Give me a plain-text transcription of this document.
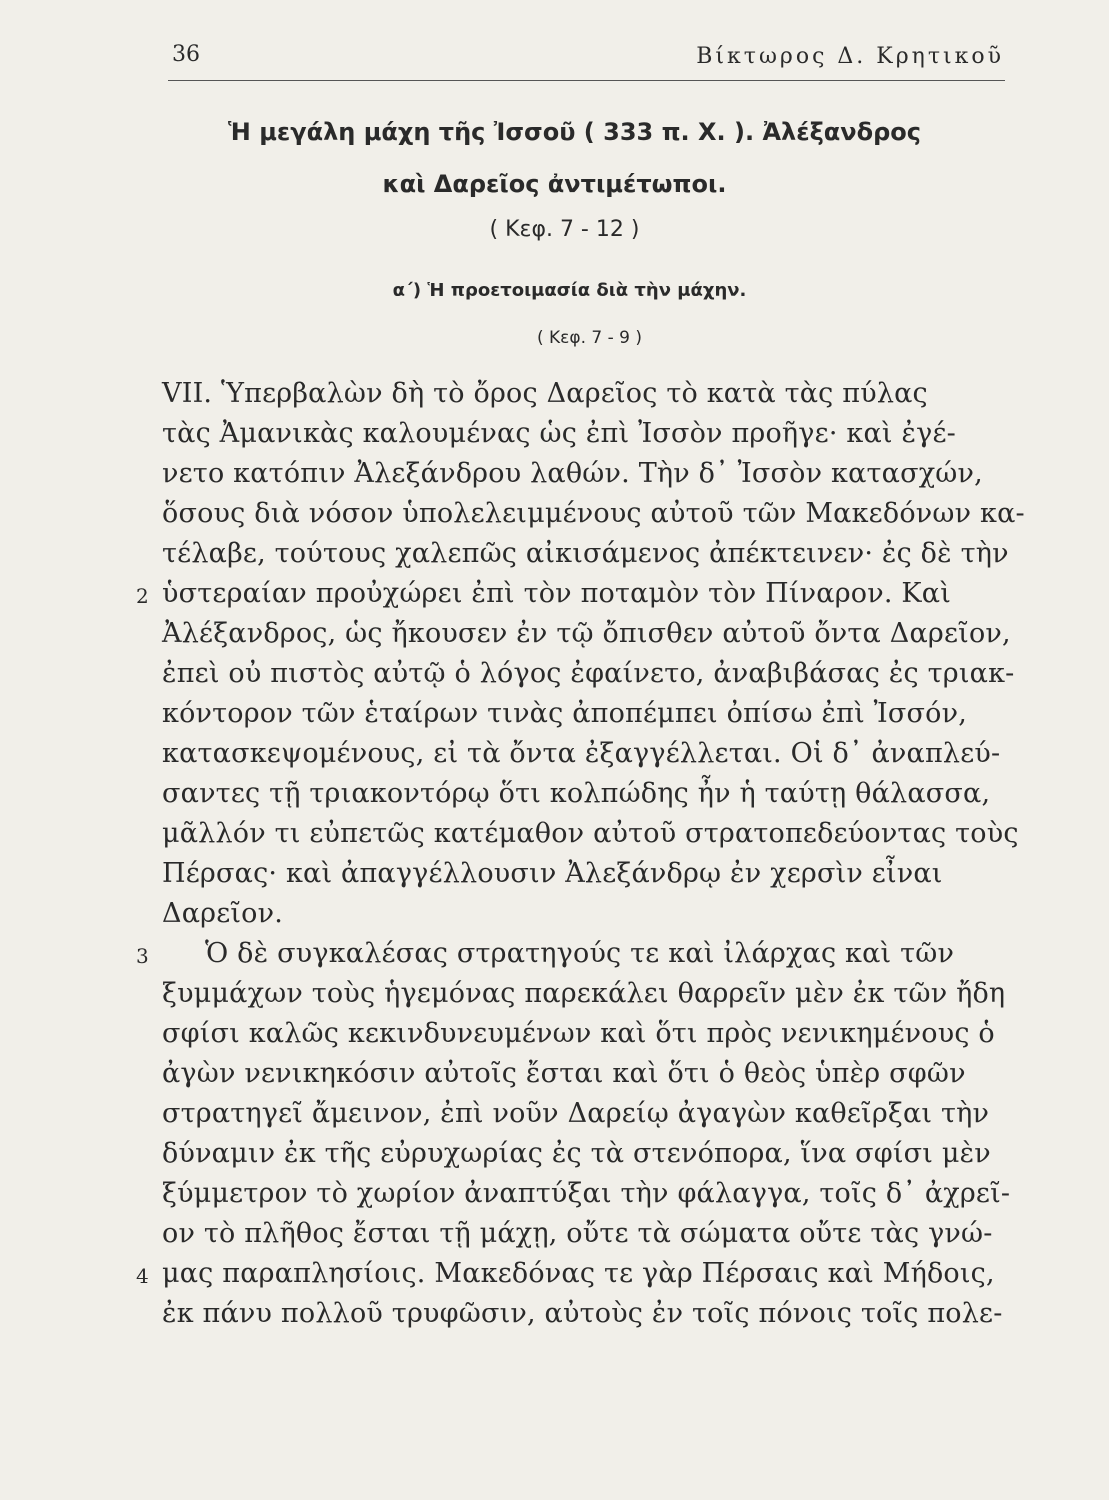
36	Βίκτωρος Δ. Κρητικοῦ
Ἡ μεγάλη μάχη τῆς Ἰσσοῦ ( 333 π. Χ. ). Ἀλέξανδρος
καὶ Δαρεῖος ἀντιμέτωποι.
( Κεφ. 7 - 12 )
α΄) Ἡ προετοιμασία διὰ τὴν μάχην.
( Κεφ. 7 - 9 )
VII. Ὑπερβαλὼν δὴ τὸ ὄρος Δαρεῖος τὸ κατὰ τὰς πύλας
τὰς Ἀμανικὰς καλουμένας ὡς ἐπὶ Ἰσσὸν προῆγε· καὶ ἐγέ-
νετο κατόπιν Ἀλεξάνδρου λαθών. Τὴν δ᾿ Ἰσσὸν κατασχών,
ὅσους διὰ νόσον ὑπολελειμμένους αὐτοῦ τῶν Μακεδόνων κα-
τέλαβε, τούτους χαλεπῶς αἰκισάμενος ἀπέκτεινεν· ἐς δὲ τὴν
2 ὑστεραίαν προὐχώρει ἐπὶ τὸν ποταμὸν τὸν Πίναρον. Καὶ
Ἀλέξανδρος, ὡς ἤκουσεν ἐν τῷ ὄπισθεν αὐτοῦ ὄντα Δαρεῖον,
ἐπεὶ οὐ πιστὸς αὐτῷ ὁ λόγος ἐφαίνετο, ἀναβιβάσας ἐς τριακ-
κόντορον τῶν ἑταίρων τινὰς ἀποπέμπει ὀπίσω ἐπὶ Ἰσσόν,
κατασκεψομένους, εἰ τὰ ὄντα ἐξαγγέλλεται. Οἱ δ᾿ ἀναπλεύ-
σαντες τῇ τριακοντόρῳ ὅτι κολπώδης ἦν ἡ ταύτῃ θάλασσα,
μᾶλλόν τι εὐπετῶς κατέμαθον αὐτοῦ στρατοπεδεύοντας τοὺς
Πέρσας· καὶ ἀπαγγέλλουσιν Ἀλεξάνδρῳ ἐν χερσὶν εἶναι
Δαρεῖον.
3 Ὁ δὲ συγκαλέσας στρατηγούς τε καὶ ἰλάρχας καὶ τῶν
ξυμμάχων τοὺς ἡγεμόνας παρεκάλει θαρρεῖν μὲν ἐκ τῶν ἤδη
σφίσι καλῶς κεκινδυνευμένων καὶ ὅτι πρὸς νενικημένους ὁ
ἀγὼν νενικηκόσιν αὐτοῖς ἔσται καὶ ὅτι ὁ θεὸς ὑπὲρ σφῶν
στρατηγεῖ ἄμεινον, ἐπὶ νοῦν Δαρείῳ ἀγαγὼν καθεῖρξαι τὴν
δύναμιν ἐκ τῆς εὐρυχωρίας ἐς τὰ στενόπορα, ἵνα σφίσι μὲν
ξύμμετρον τὸ χωρίον ἀναπτύξαι τὴν φάλαγγα, τοῖς δ᾿ ἀχρεῖ-
ον τὸ πλῆθος ἔσται τῇ μάχῃ, οὔτε τὰ σώματα οὔτε τὰς γνώ-
4 μας παραπλησίοις. Μακεδόνας τε γὰρ Πέρσαις καὶ Μήδοις,
ἐκ πάνυ πολλοῦ τρυφῶσιν, αὐτοὺς ἐν τοῖς πόνοις τοῖς πολε-
